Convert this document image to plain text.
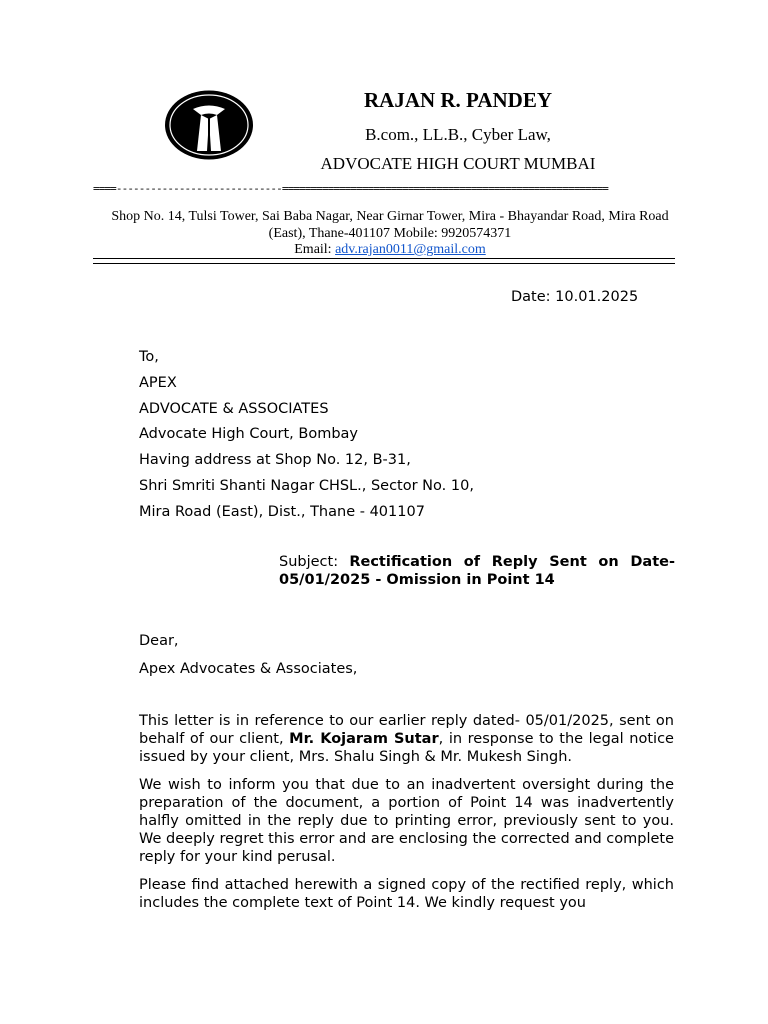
RAJAN R. PANDEY
B.com., LL.B., Cyber Law,
ADVOCATE HIGH COURT MUMBAI
====-----------------------------=========================================================
Shop No. 14, Tulsi Tower, Sai Baba Nagar, Near Girnar Tower, Mira - Bhayandar Road, Mira Road (East), Thane-401107 Mobile: 9920574371
Email: adv.rajan0011@gmail.com
Date: 10.01.2025
To,
APEX
ADVOCATE & ASSOCIATES
Advocate High Court, Bombay
Having address at Shop No. 12, B-31,
Shri Smriti Shanti Nagar CHSL., Sector No. 10,
Mira Road (East), Dist., Thane - 401107
Subject: Rectification of Reply Sent on Date- 05/01/2025 - Omission in Point 14
Dear,
Apex Advocates & Associates,

This letter is in reference to our earlier reply dated- 05/01/2025, sent on behalf of our client, Mr. Kojaram Sutar, in response to the legal notice issued by your client, Mrs. Shalu Singh & Mr. Mukesh Singh.

We wish to inform you that due to an inadvertent oversight during the preparation of the document, a portion of Point 14 was inadvertently halfly omitted in the reply due to printing error, previously sent to you. We deeply regret this error and are enclosing the corrected and complete reply for your kind perusal.

Please find attached herewith a signed copy of the rectified reply, which includes the complete text of Point 14. We kindly request you
